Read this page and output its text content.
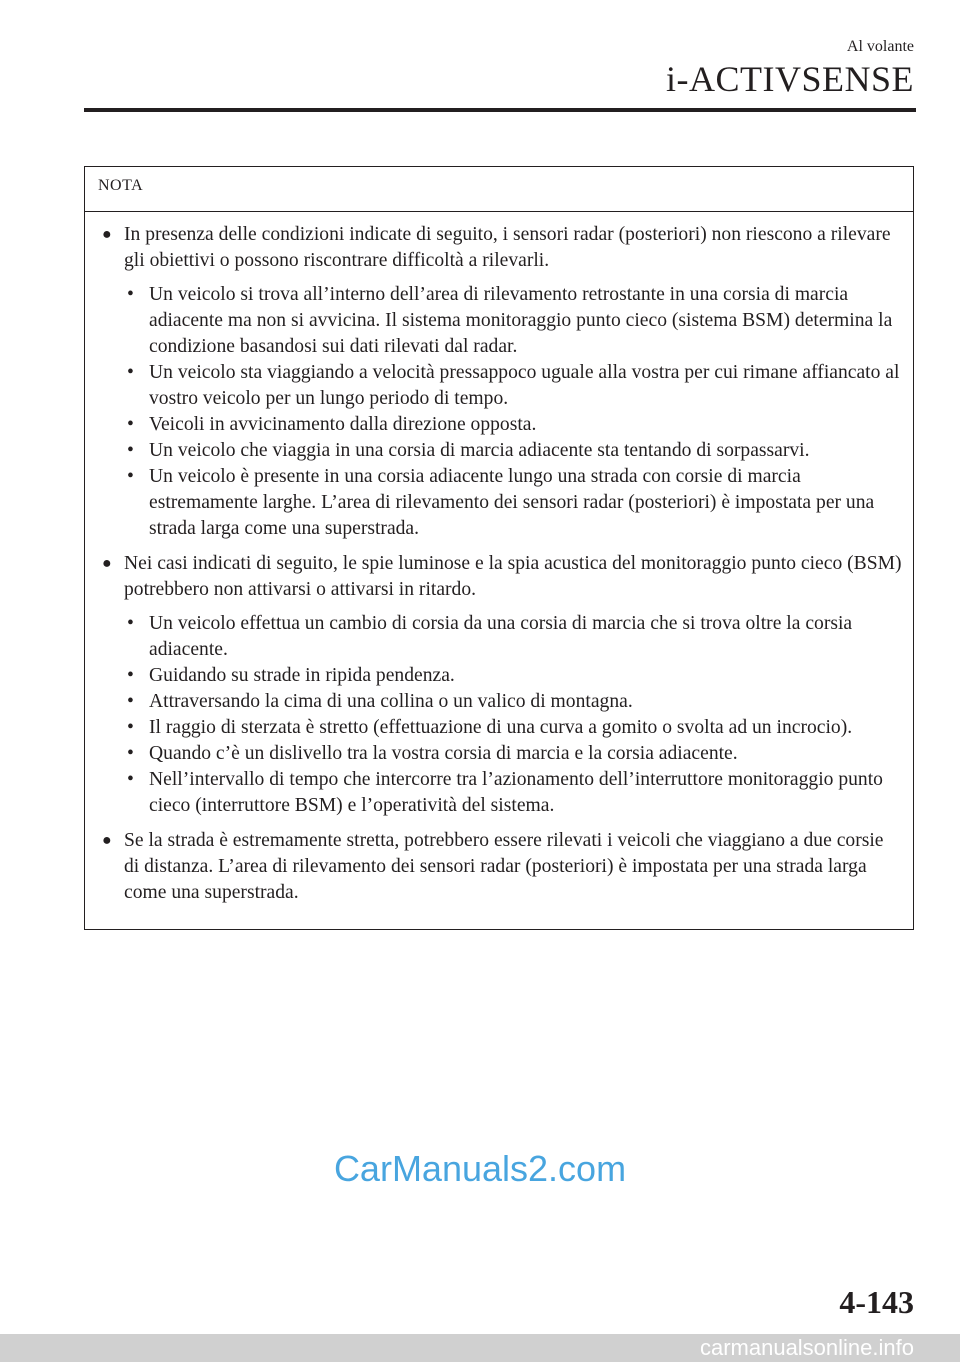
Al volante
i-ACTIVSENSE
NOTA
● In presenza delle condizioni indicate di seguito, i sensori radar (posteriori) non riescono a rilevare gli obiettivi o possono riscontrare difficoltà a rilevarli.
• Un veicolo si trova all’interno dell’area di rilevamento retrostante in una corsia di marcia adiacente ma non si avvicina. Il sistema monitoraggio punto cieco (sistema BSM) determina la condizione basandosi sui dati rilevati dal radar.
• Un veicolo sta viaggiando a velocità pressappoco uguale alla vostra per cui rimane affiancato al vostro veicolo per un lungo periodo di tempo.
• Veicoli in avvicinamento dalla direzione opposta.
• Un veicolo che viaggia in una corsia di marcia adiacente sta tentando di sorpassarvi.
• Un veicolo è presente in una corsia adiacente lungo una strada con corsie di marcia estremamente larghe. L’area di rilevamento dei sensori radar (posteriori) è impostata per una strada larga come una superstrada.
● Nei casi indicati di seguito, le spie luminose e la spia acustica del monitoraggio punto cieco (BSM) potrebbero non attivarsi o attivarsi in ritardo.
• Un veicolo effettua un cambio di corsia da una corsia di marcia che si trova oltre la corsia adiacente.
• Guidando su strade in ripida pendenza.
• Attraversando la cima di una collina o un valico di montagna.
• Il raggio di sterzata è stretto (effettuazione di una curva a gomito o svolta ad un incrocio).
• Quando c’è un dislivello tra la vostra corsia di marcia e la corsia adiacente.
• Nell’intervallo di tempo che intercorre tra l’azionamento dell’interruttore monitoraggio punto cieco (interruttore BSM) e l’operatività del sistema.
● Se la strada è estremamente stretta, potrebbero essere rilevati i veicoli che viaggiano a due corsie di distanza. L’area di rilevamento dei sensori radar (posteriori) è impostata per una strada larga come una superstrada.
CarManuals2.com
4-143
carmanualsonline.info
